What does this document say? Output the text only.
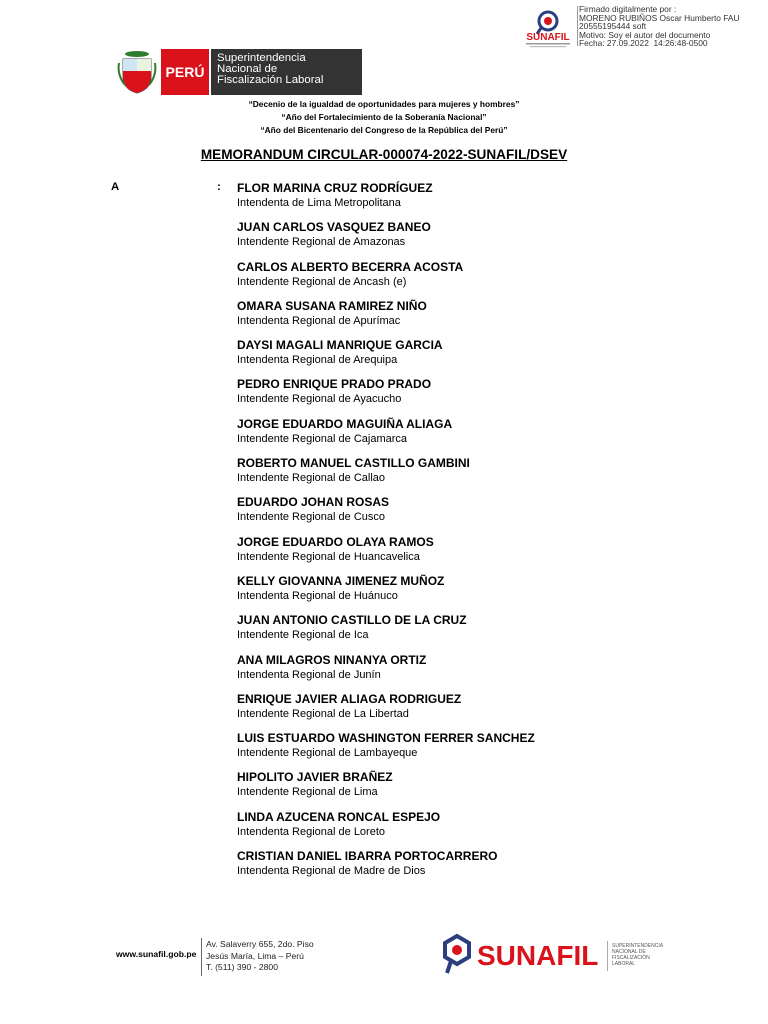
SUNAFIL
Firmado digitalmente por :
MORENO RUBIÑOS Oscar Humberto FAU
20555195444 soft
Motivo: Soy el autor del documento
Fecha: 27.09.2022  14:26:48-0500
PERÚ
Superintendencia
Nacional de
Fiscalización Laboral
“Decenio de la igualdad de oportunidades para mujeres y hombres”
“Año del Fortalecimiento de la Soberanía Nacional”
“Año del Bicentenario del Congreso de la República del Perú”
MEMORANDUM CIRCULAR-000074-2022-SUNAFIL/DSEV
A	: FLOR MARINA CRUZ RODRÍGUEZ
Intendenta de Lima Metropolitana
JUAN CARLOS VASQUEZ BANEO
Intendente Regional de Amazonas
CARLOS ALBERTO BECERRA ACOSTA
Intendente Regional de Ancash (e)
OMARA SUSANA RAMIREZ NIÑO
Intendenta Regional de Apurímac
DAYSI MAGALI MANRIQUE GARCIA
Intendenta Regional de Arequipa
PEDRO ENRIQUE PRADO PRADO
Intendente Regional de Ayacucho
JORGE EDUARDO MAGUIÑA ALIAGA
Intendente Regional de Cajamarca
ROBERTO MANUEL CASTILLO GAMBINI
Intendente Regional de Callao
EDUARDO JOHAN ROSAS
Intendente Regional de Cusco
JORGE EDUARDO OLAYA RAMOS
Intendente Regional de Huancavelica
KELLY GIOVANNA JIMENEZ MUÑOZ
Intendenta Regional de Huánuco
JUAN ANTONIO CASTILLO DE LA CRUZ
Intendente Regional de Ica
ANA MILAGROS NINANYA ORTIZ
Intendenta Regional de Junín
ENRIQUE JAVIER ALIAGA RODRIGUEZ
Intendente Regional de La Libertad
LUIS ESTUARDO WASHINGTON FERRER SANCHEZ
Intendente Regional de Lambayeque
HIPOLITO JAVIER BRAÑEZ
Intendente Regional de Lima
LINDA AZUCENA RONCAL ESPEJO
Intendenta Regional de Loreto
CRISTIAN DANIEL IBARRA PORTOCARRERO
Intendenta Regional de Madre de Dios
www.sunafil.gob.pe
Av. Salaverry 655, 2do. Piso
Jesús María, Lima – Perú
T. (511) 390 - 2800	SUNAFIL	SUPERINTENDENCIA
NACIONAL DE
FISCALIZACIÓN
LABORAL
